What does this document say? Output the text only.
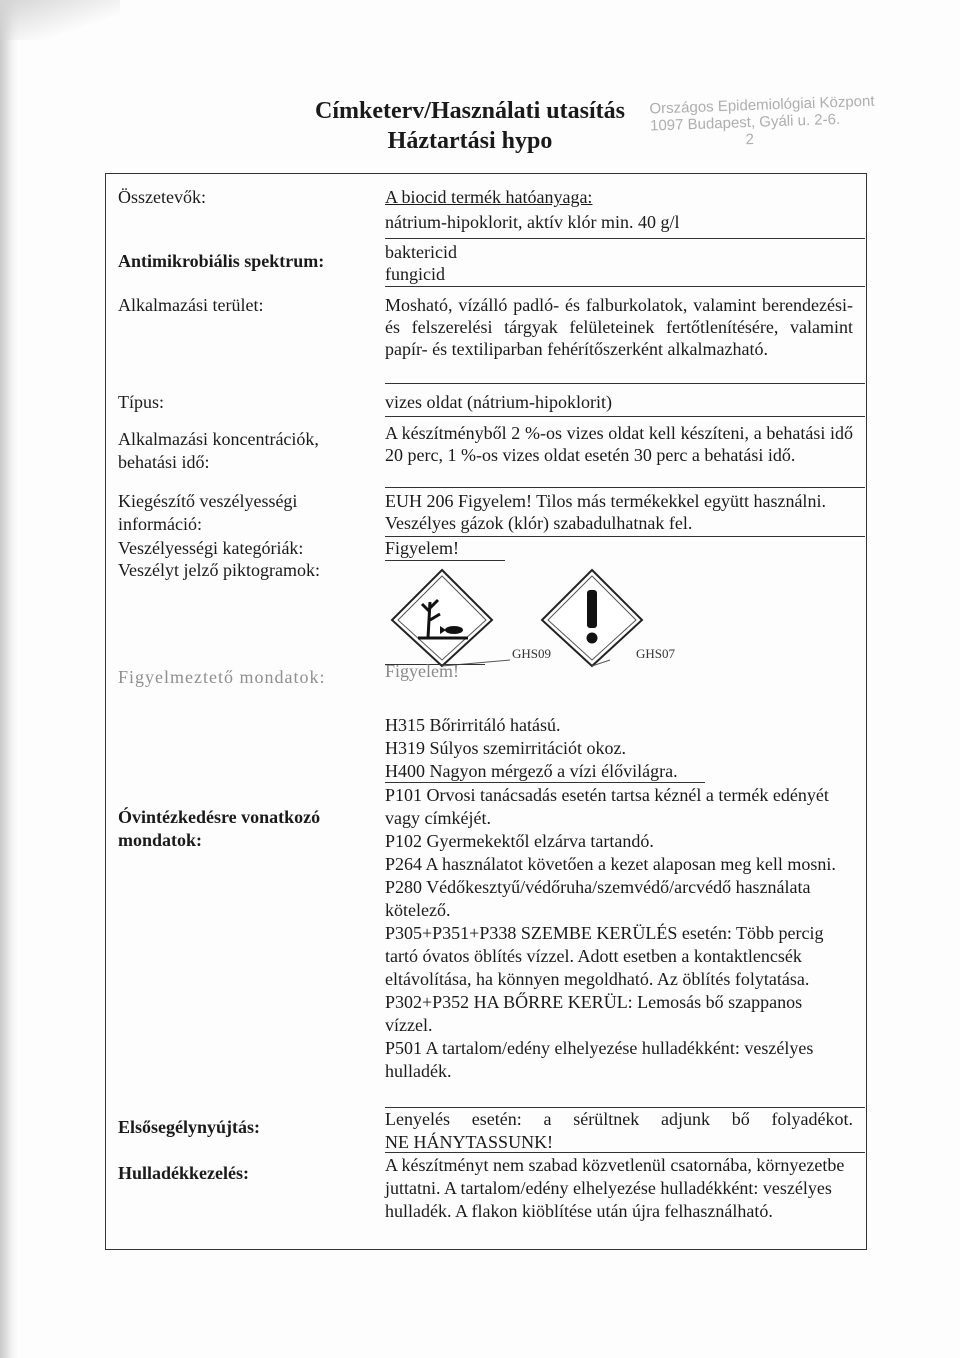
Címketerv/Használati utasítás
Háztartási hypo
Országos Epidemiológiai Központ
1097 Budapest, Gyáli u. 2-6.
2
Összetevők:	A biocid termék hatóanyaga:

nátrium-hipoklorit, aktív klór min. 40 g/l

Antimikrobiális spektrum:	baktericid

fungicid

Alkalmazási terület:	Mosható, vízálló padló- és falburkolatok, valamint berendezési- és felszerelési tárgyak felületeinek fertőtlenítésére, valamint papír- és textiliparban fehérítőszerként alkalmazható.
Típus:	vizes oldat (nátrium-hipoklorit)
Alkalmazási koncentrációk,
behatási idő:
A készítményből 2 %-os vizes oldat kell készíteni, a behatási idő 20 perc, 1 %-os vizes oldat esetén 30 perc a behatási idő.
Kiegészítő veszélyességi
információ:
EUH 206 Figyelem! Tilos más termékekkel együtt használni. Veszélyes gázok (klór) szabadulhatnak fel.
Veszélyességi kategóriák:	Figyelem!
Veszélyt jelző piktogramok:
GHS09	GHS07
Figyelmeztető mondatok:	Figyelem!

H315 Bőrirritáló hatású.

H319 Súlyos szemirritációt okoz.

H400 Nagyon mérgező a vízi élővilágra.

Óvintézkedésre vonatkozó
mondatok:

P101 Orvosi tanácsadás esetén tartsa kéznél a termék edényét vagy címkéjét.

P102 Gyermekektől elzárva tartandó.

P264 A használatot követően a kezet alaposan meg kell mosni.

P280 Védőkesztyű/védőruha/szemvédő/arcvédő használata kötelező.

P305+P351+P338 SZEMBE KERÜLÉS esetén: Több percig tartó óvatos öblítés vízzel. Adott esetben a kontaktlencsék eltávolítása, ha könnyen megoldható. Az öblítés folytatása.

P302+P352 HA BŐRRE KERÜL: Lemosás bő szappanos vízzel.

P501 A tartalom/edény elhelyezése hulladékként: veszélyes hulladék.

Elsősegélynyújtás:	Lenyelés esetén: a sérültnek adjunk bő folyadékot.

NE HÁNYTASSUNK!

Hulladékkezelés:	A készítményt nem szabad közvetlenül csatornába, környezetbe juttatni. A tartalom/edény elhelyezése hulladékként: veszélyes hulladék. A flakon kiöblítése után újra felhasználható.
